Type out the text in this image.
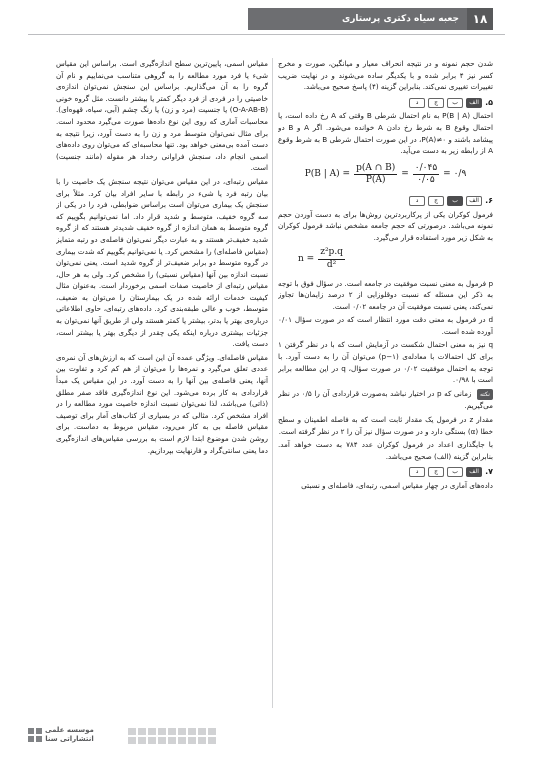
۱۸
جعبه سیاه دکتری پرستاری

شدن حجم نمونه و در نتیجه انحراف معیار و میانگین، صورت و مخرج کسر نیز ۴ برابر شده و با یکدیگر ساده می‌شوند و در نهایت ضریب تغییرات تغییری نمی‌کند. بنابراین گزینه (۴) پاسخ صحیح می‌باشد.

۵.
الف
ب
ج
د

احتمال P(B | A) به نام احتمال شرطی B وقتی که A رخ داده است، یا احتمال وقوع B به شرط رخ دادن A خوانده می‌شود. اگر A و B دو پیشامد باشند و P(A)≠۰، در این صورت احتمال شرطی B به شرط وقوع A از رابطه زیر به دست می‌آید.

P(B | $A) = \frac{p(A \cap B)}{P(A)} = \frac{۰/۰۴۵}{۰/۰۵}$ = ۰/۹
۶.
الف
ب
ج
د

فرمول کوکران یکی از پرکاربردترین روش‌ها برای به دست آوردن حجم نمونه می‌باشد. درصورتی که حجم جامعه مشخص نباشد فرمول کوکران به شکل زیر مورد استفاده قرار می‌گیرد.

$n = \frac{\text{z²p.q}}{\text{d²}}$

p فرمول به معنی نسبت موفقیت در جامعه است. در سؤال فوق با توجه به ذکر این مسئله که نسبت دوقلوزایی از ۲ درصد زایمان‌ها تجاوز نمی‌کند، یعنی نسبت موفقیت آن در جامعه ۰/۰۲ است.

d در فرمول به معنی دقت مورد انتظار است که در صورت سؤال ۰/۰۱ آورده شده است.

q نیز به معنی احتمال شکست در آزمایش است که با در نظر گرفتن ۱ برای کل احتمالات با معادله‌ی (p−۱) می‌توان آن را به دست آورد. با توجه به احتمال موفقیت ۰/۰۲ در صورت سؤال، q در این مطالعه برابر است با ۰/۹۸.

نکته زمانی که p در اختیار نباشد به‌صورت قراردادی آن را ۰/۵ در نظر می‌گیریم.

مقدار z در فرمول یک مقدار ثابت است که به فاصله اطمینان و سطح خطا (α) بستگی دارد و در صورت سؤال نیز آن را ۲ در نظر گرفته است.

با جایگذاری اعداد در فرمول کوکران عدد ۷۸۴ به دست خواهد آمد. بنابراین گزینه (الف) صحیح می‌باشد.

۷.
الف
ب
ج
د

داده‌های آماری در چهار مقیاس اسمی، رتبه‌ای، فاصله‌ای و نسبتی

مقیاس اسمی، پایین‌ترین سطح اندازه‌گیری است. براساس این مقیاس شیء یا فرد مورد مطالعه را به گروهی متناسب می‌نماییم و نام آن گروه را به آن می‌گذاریم. براساس این سنجش نمی‌توان اندازه‌ی خاصیتی را در فردی از فرد دیگر کمتر یا بیشتر دانست. مثل گروه خونی (O-A-AB-B) یا جنسیت (مرد و زن) یا رنگ چشم (آبی، سیاه، قهوه‌ای). محاسبات آماری که روی این نوع داده‌ها صورت می‌گیرد محدود است. برای مثال نمی‌توان متوسط مرد و زن را به دست آورد، زیرا نتیجه به دست آمده بی‌معنی خواهد بود. تنها محاسبه‌ای که می‌توان روی داده‌های اسمی انجام داد، سنجش فراوانی رخداد هر مقوله (مانند جنسیت) است.

مقیاس رتبه‌ای، در این مقیاس می‌توان نتیجه سنجش یک خاصیت را با بیان رتبه فرد یا شیء در رابطه با سایر افراد بیان کرد. مثلاً برای سنجش یک بیماری می‌توان است براساس ضوابطی، فرد را در یکی از سه گروه خفیف، متوسط و شدید قرار داد. اما نمی‌توانیم بگوییم که گروه متوسط به همان اندازه از گروه خفیف شدیدتر هستند که از گروه شدید خفیف‌تر هستند و به عبارت دیگر نمی‌توان فاصله‌ی دو رتبه متمایز (مقیاس فاصله‌ای) را مشخص کرد. یا نمی‌توانیم بگوییم که شدت بیماری در گروه متوسط دو برابر ضعیف‌تر از گروه شدید است. یعنی نمی‌توان نسبت اندازه بین آنها (مقیاس نسبتی) را مشخص کرد. ولی به هر حال، مقیاس رتبه‌ای از خاصیت صفات اسمی برخوردار است. به‌عنوان مثال کیفیت خدمات ارائه شده در یک بیمارستان را می‌توان به ضعیف، متوسط، خوب و عالی طبقه‌بندی کرد. داده‌های رتبه‌ای، حاوی اطلاعاتی درباره‌ی بهتر یا بدتر، بیشتر یا کمتر هستند ولی از طریق آنها نمی‌توان به جزئیات بیشتری درباره اینکه یکی چقدر از دیگری بهتر یا بیشتر است، دست یافت.

مقیاس فاصله‌ای. ویژگی عمده آن این است که به ارزش‌های آن نمره‌ی عددی تعلق می‌گیرد و نمره‌ها را می‌توان از هم کم کرد و تفاوت بین آنها، یعنی فاصله‌ی بین آنها را به دست آورد. در این مقیاس یک مبدأ قراردادی به کار برده می‌شود. این نوع اندازه‌گیری فاقد صفر مطلق (ذاتی) می‌باشد، لذا نمی‌توان نسبت اندازه خاصیت مورد مطالعه را در افراد مشخص کرد. مثالی که در بسیاری از کتاب‌های آمار برای توصیف مقیاس فاصله بی به کار می‌رود، مقیاس مربوط به دماست. برای روشن شدن موضوع ابتدا لازم است به بررسی مقیاس‌های اندازه‌گیری دما یعنی سانتی‌گراد و فارنهایت بپردازیم.

موسسه علمی
انتشاراتی سنا
